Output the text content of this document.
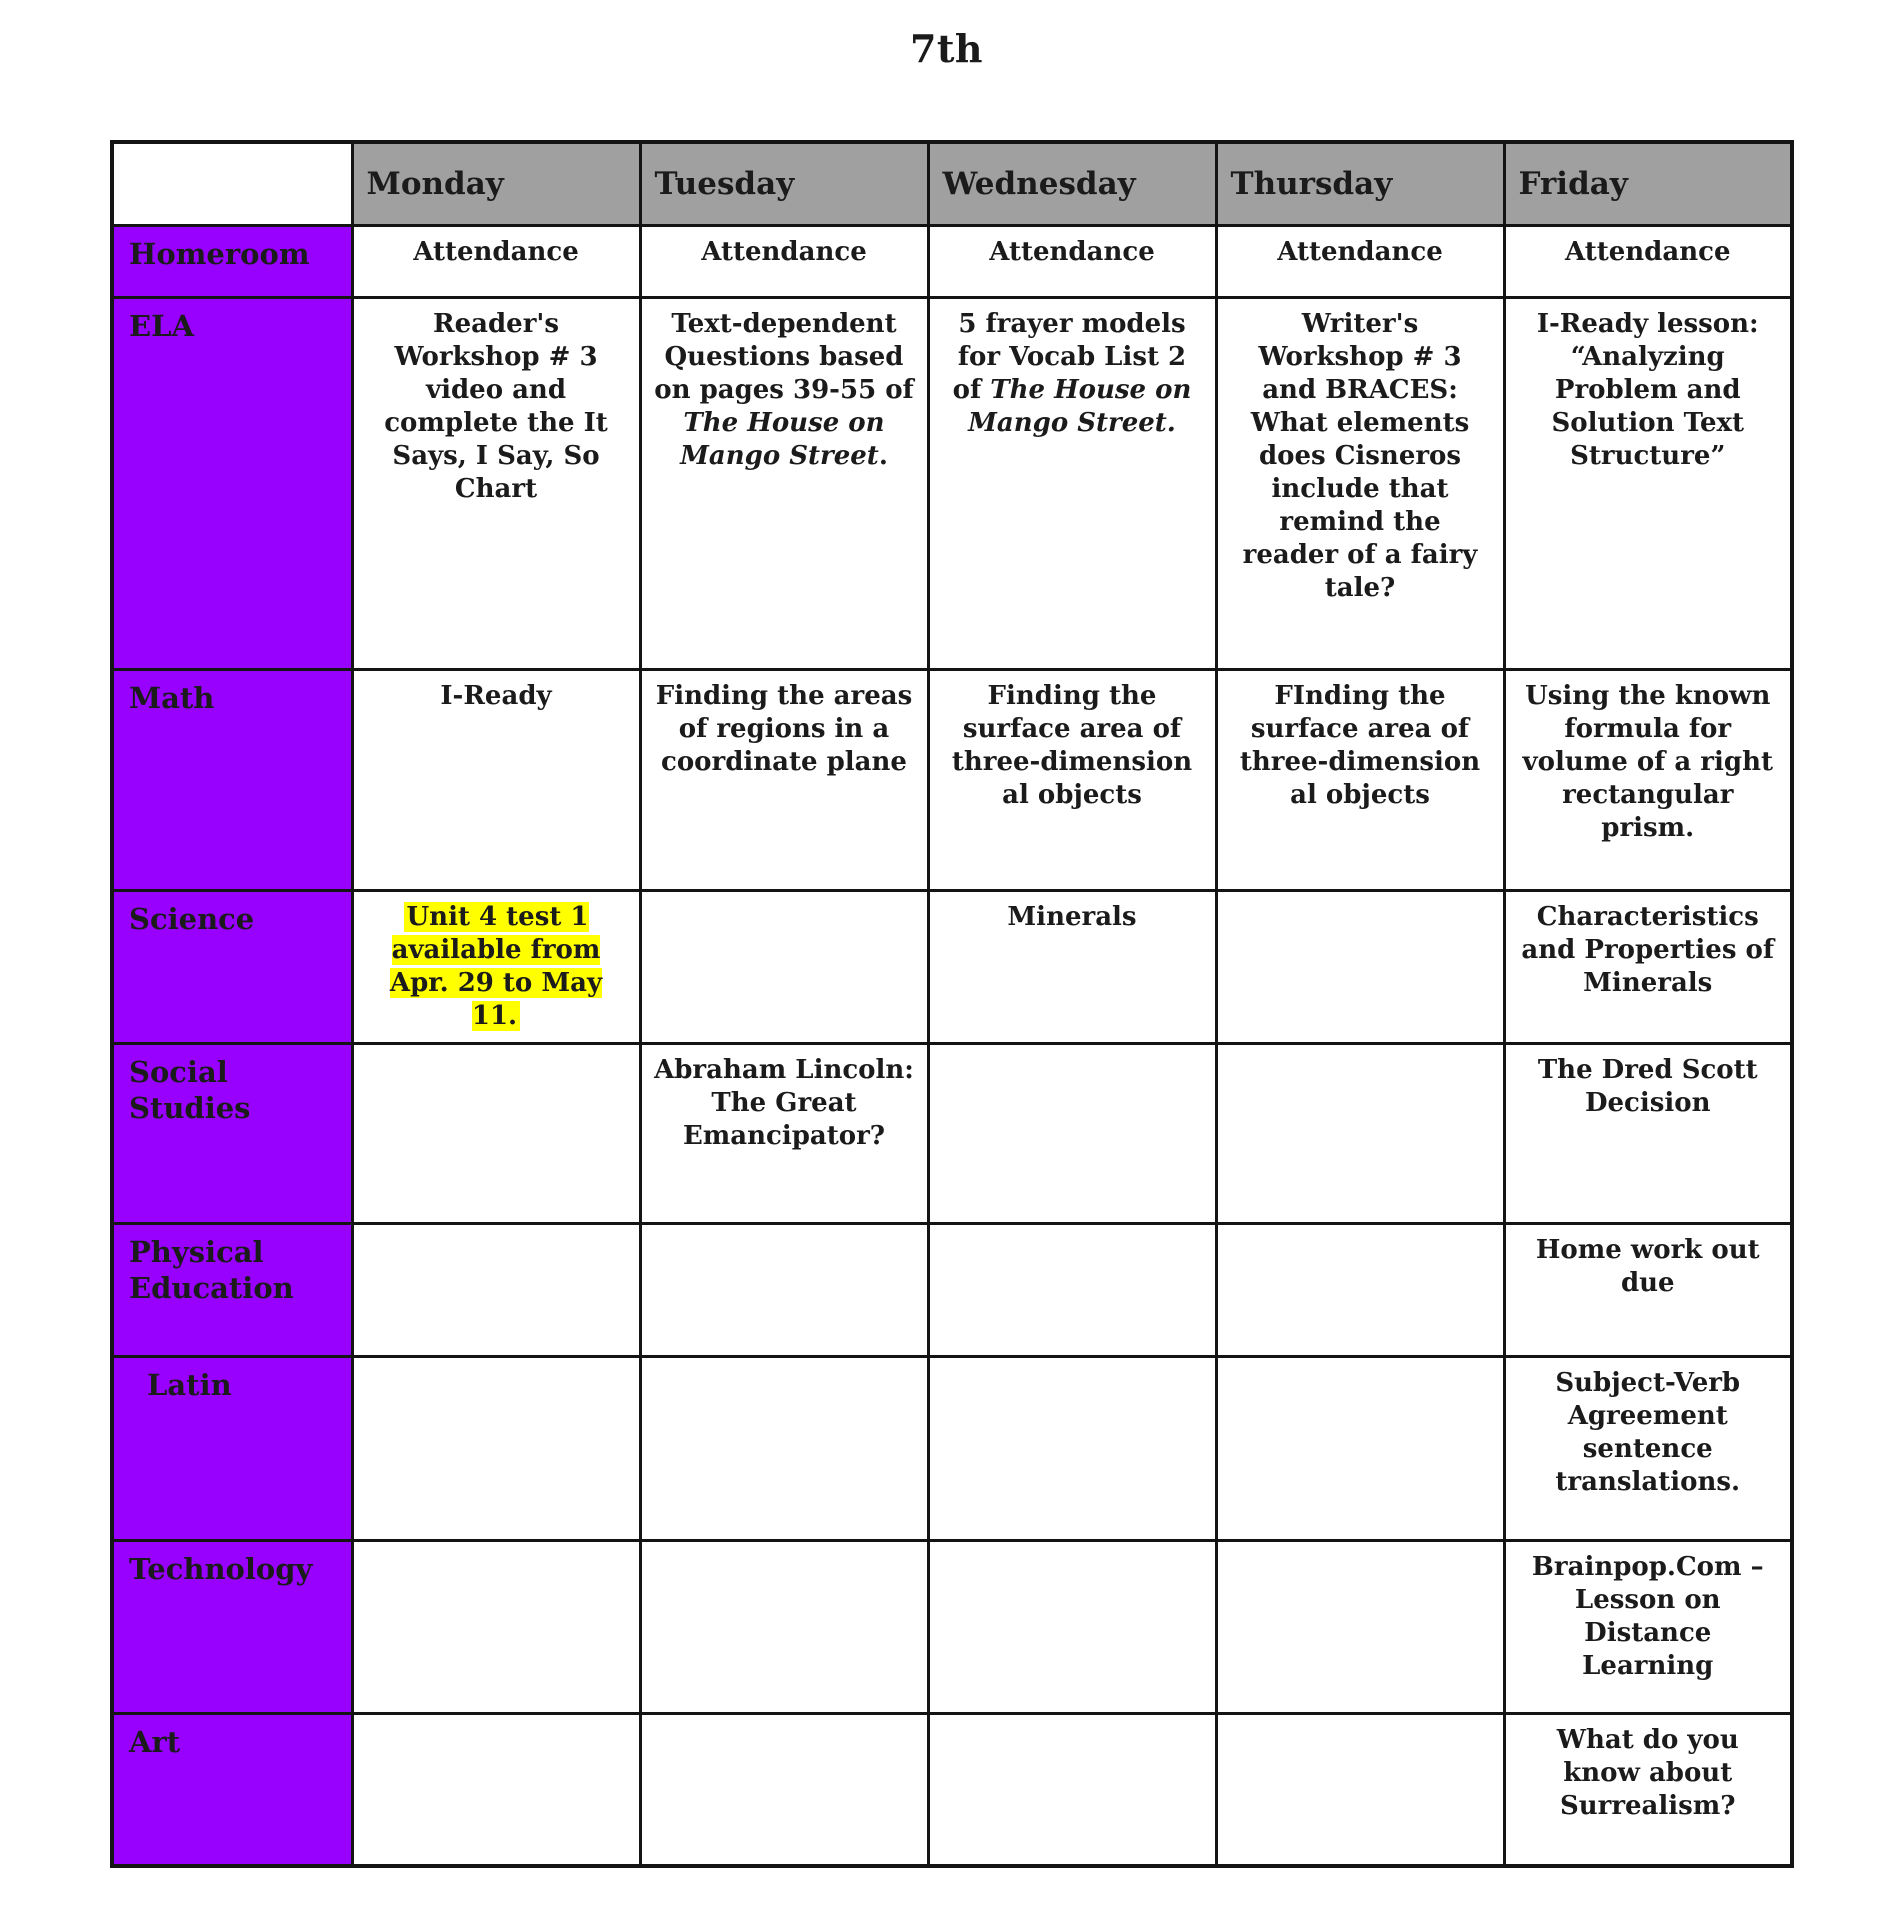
7th
	Monday	Tuesday	Wednesday	Thursday	Friday
Homeroom	Attendance	Attendance	Attendance	Attendance	Attendance
ELA	Reader's Workshop # 3 video and complete the It Says, I Say, So Chart	Text-dependent Questions based on pages 39-55 of The House on Mango Street.	5 frayer models for Vocab List 2 of The House on Mango Street.	Writer's Workshop # 3 and BRACES: What elements does Cisneros include that remind the reader of a fairy tale?	I-Ready lesson: “Analyzing Problem and Solution Text Structure”
Math	I-Ready	Finding the areas of regions in a coordinate plane	Finding the surface area of three-dimension al objects	FInding the surface area of three-dimension al objects	Using the known formula for volume of a right rectangular prism.
Science	Unit 4 test 1 available from Apr. 29 to May 11.		Minerals		Characteristics and Properties of Minerals
Social Studies		Abraham Lincoln: The Great Emancipator?			The Dred Scott Decision
Physical Education					Home work out due
Latin					Subject-Verb Agreement sentence translations.
Technology					Brainpop.Com –Lesson on Distance Learning
Art					What do you know about Surrealism?
